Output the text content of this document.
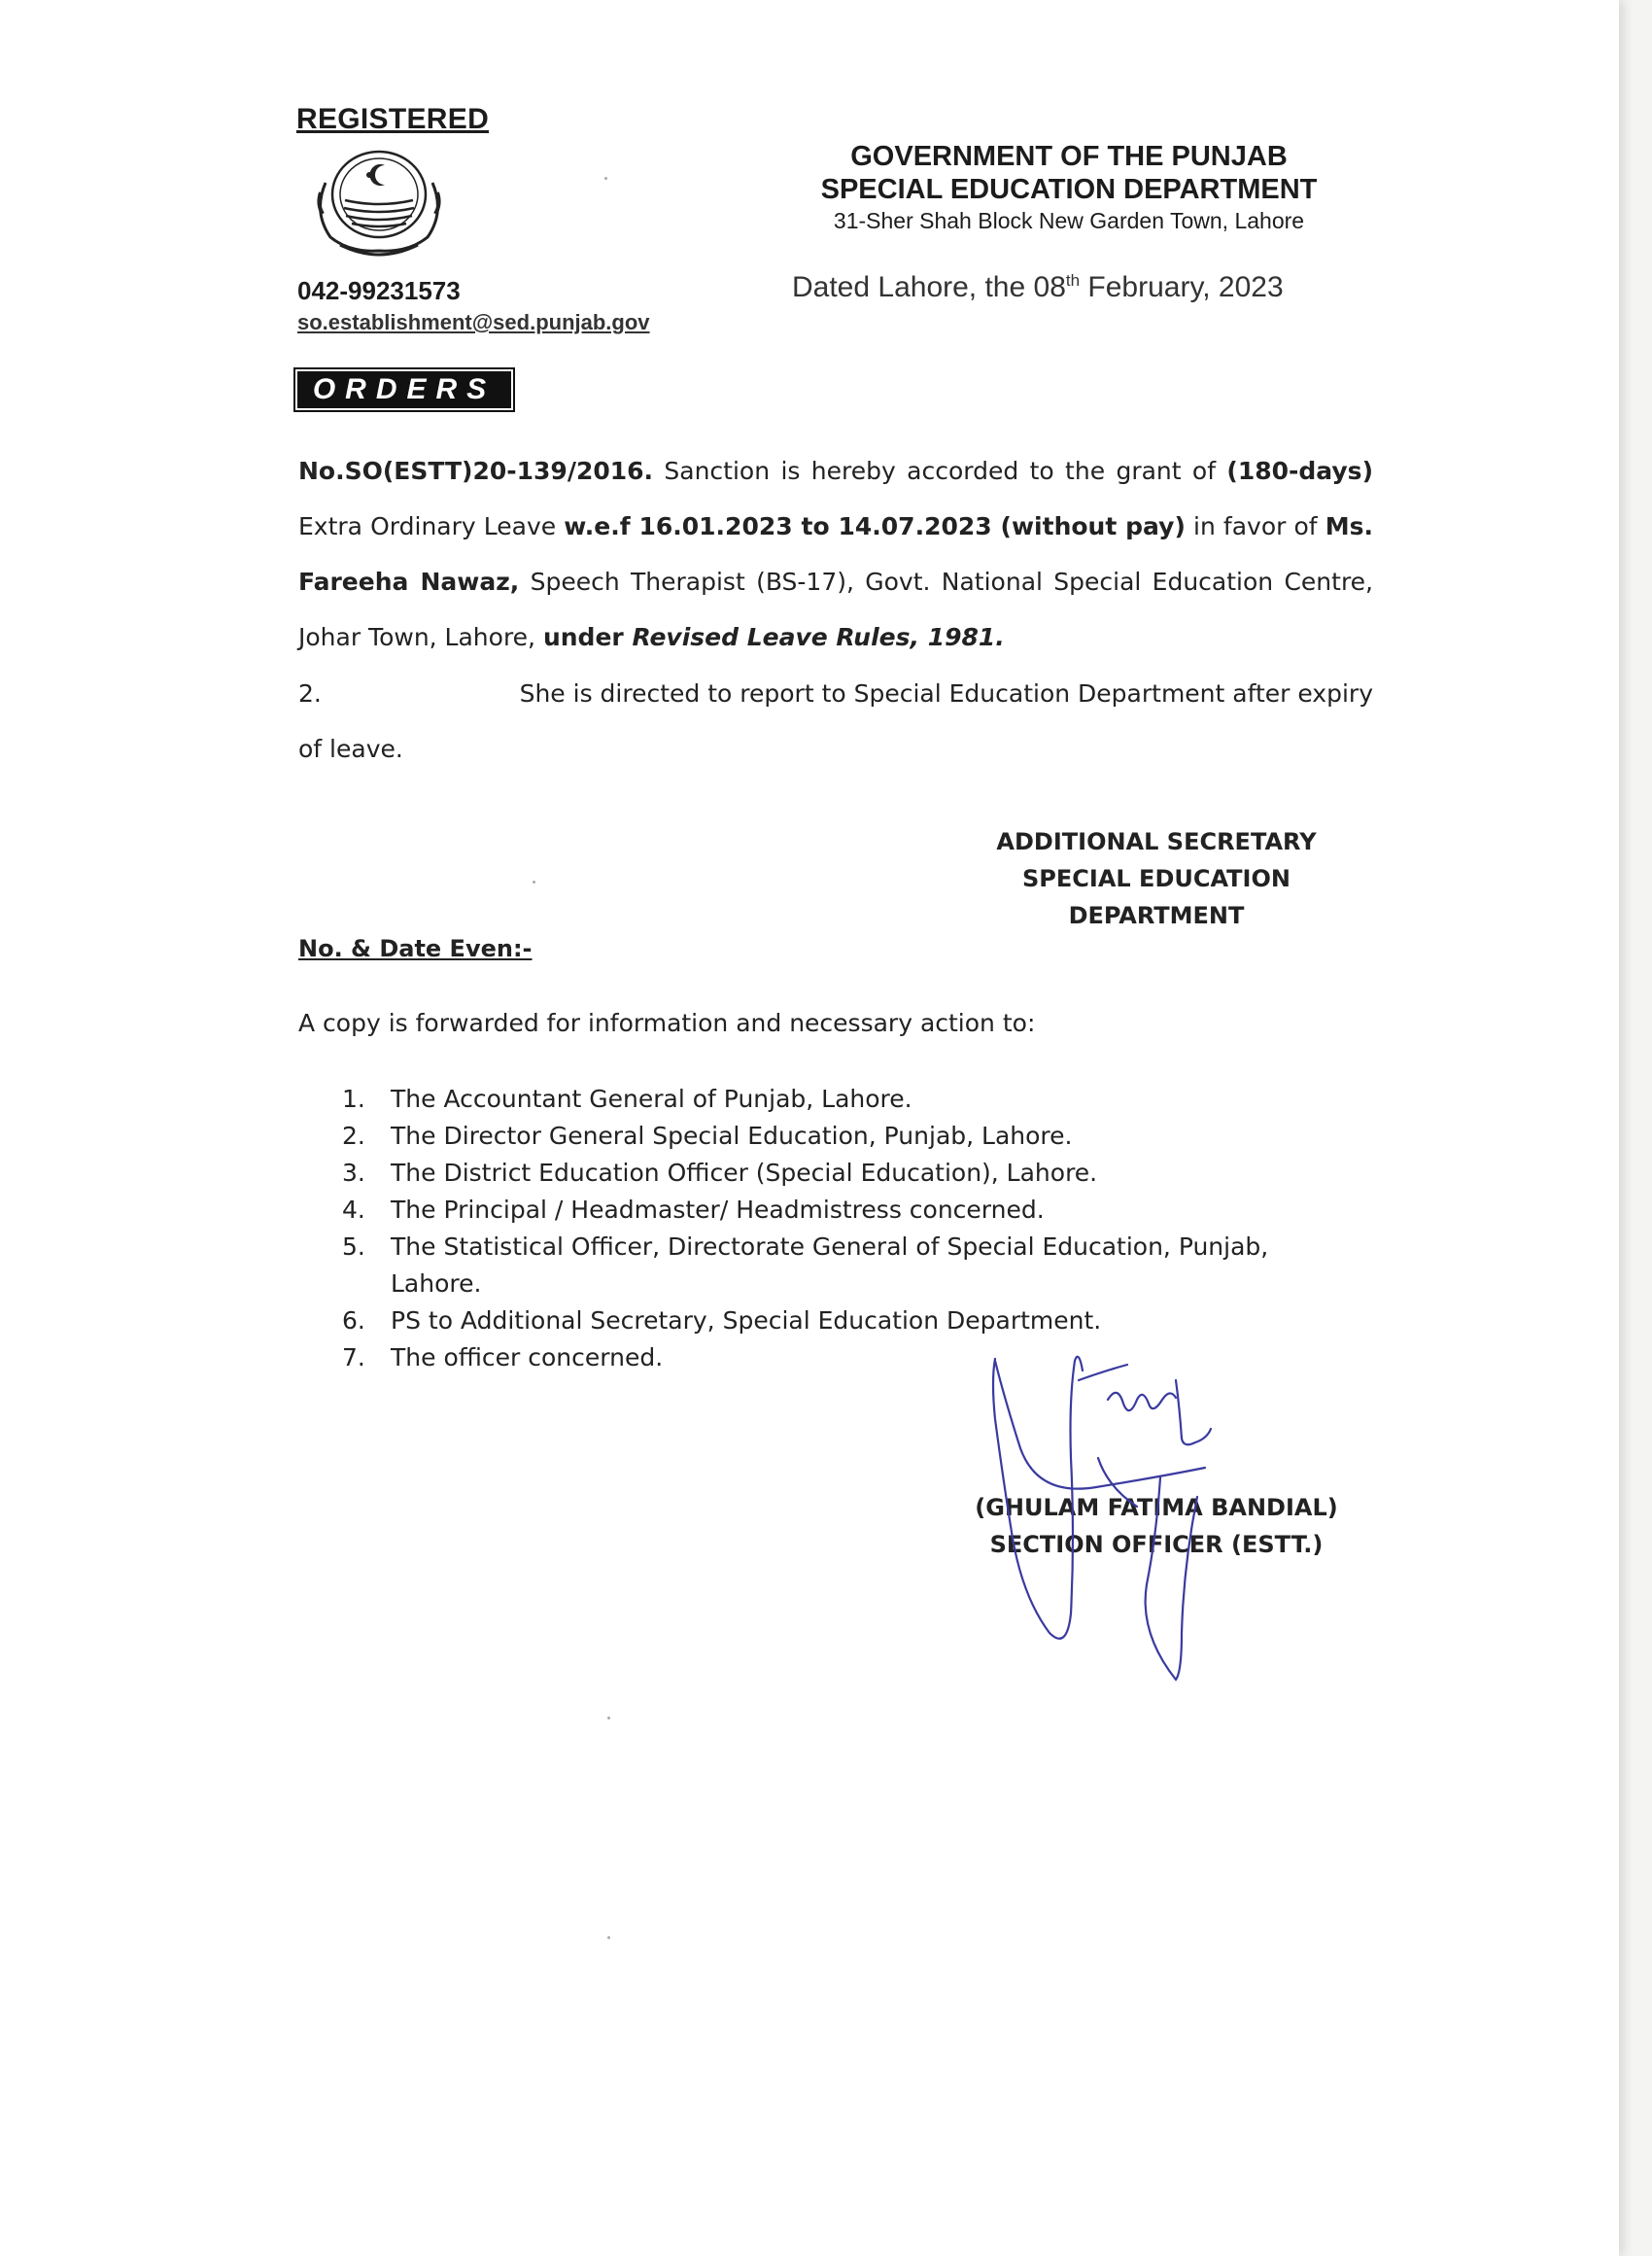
REGISTERED
042-99231573
so.establishment@sed.punjab.gov
GOVERNMENT OF THE PUNJAB
SPECIAL EDUCATION DEPARTMENT
31-Sher Shah Block New Garden Town, Lahore
Dated Lahore, the 08th February, 2023
ORDERS

No.SO(ESTT)20-139/2016. Sanction is hereby accorded to the grant of (180-days) Extra Ordinary Leave w.e.f 16.01.2023 to 14.07.2023 (without pay) in favor of Ms. Fareeha Nawaz, Speech Therapist (BS-17), Govt. National Special Education Centre, Johar Town, Lahore, under Revised Leave Rules, 1981.

2.	She is directed to report to Special Education Department after expiry
of leave.
ADDITIONAL SECRETARY
SPECIAL EDUCATION
DEPARTMENT
No. & Date Even:-
A copy is forwarded for information and necessary action to:
1.	The Accountant General of Punjab, Lahore.
2.	The Director General Special Education, Punjab, Lahore.
3.	The District Education Officer (Special Education), Lahore.
4.	The Principal / Headmaster/ Headmistress concerned.
5.	The Statistical Officer, Directorate General of Special Education, Punjab,
Lahore.
6.	PS to Additional Secretary, Special Education Department.
7.	The officer concerned.
(GHULAM FATIMA BANDIAL)
SECTION OFFICER (ESTT.)
